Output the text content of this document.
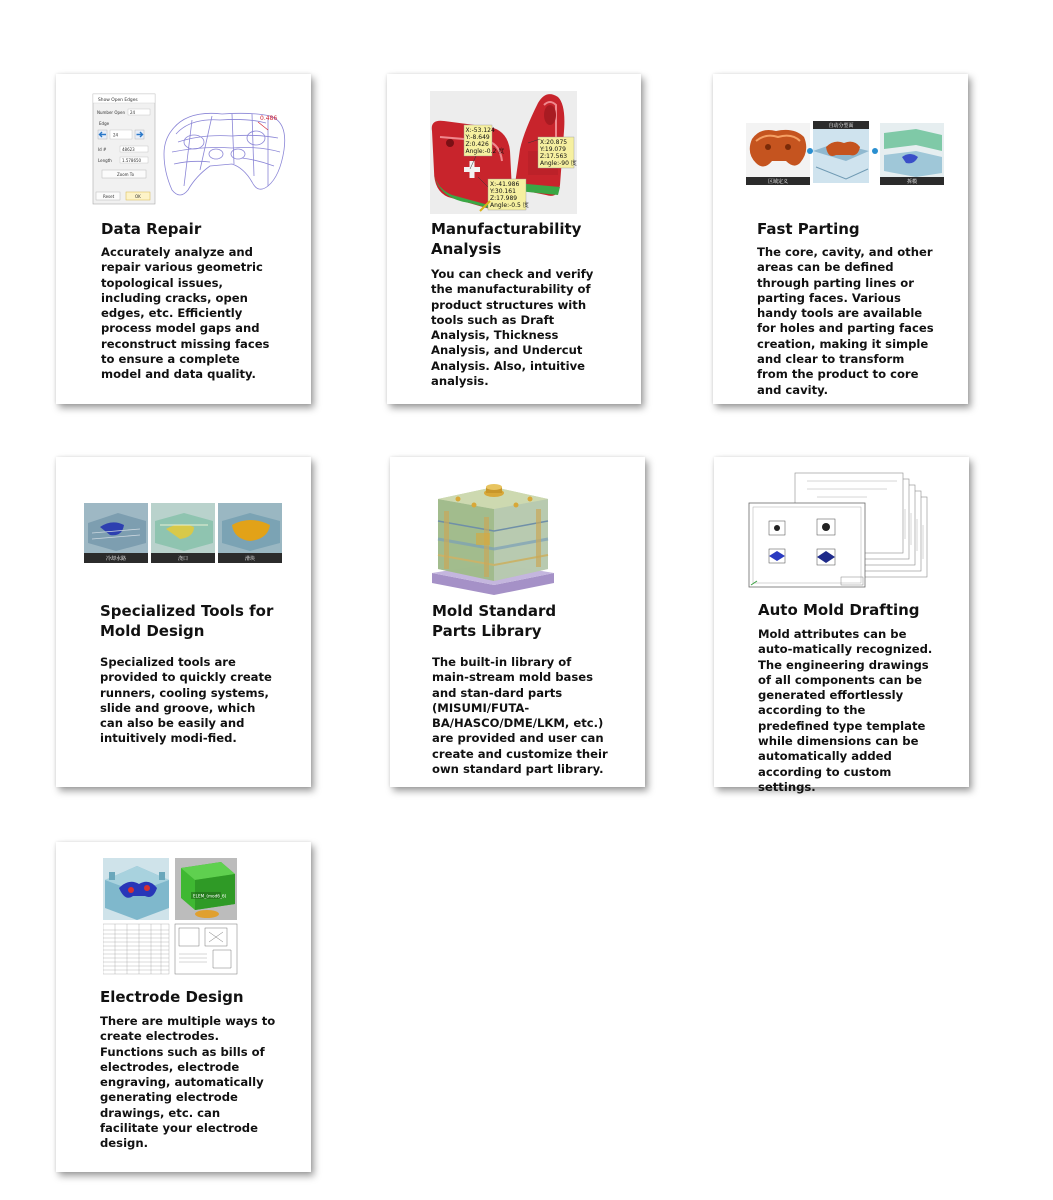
0.486
Show Open Edges
Number Open 24
Edge
24
Id #	48623
Length	1.578650
Zoom To
Reset	OK
Data Repair

Accurately analyze and repair various geometric topological issues, including cracks, open edges, etc. Efficiently process model gaps and reconstruct missing faces to ensure a complete model and data quality.

X:-53.124
Y:-8.649
Z:0.426
Angle:-0.2 度
X:20.875
Y:19.079
Z:17.563
Angle:-90 度
X:-41.986
Y:30.161
Z:17.989
Angle:-0.5 度
Manufacturability
Analysis

You can check and verify the manufacturability of product structures with tools such as Draft Analysis, Thickness Analysis, and Undercut Analysis. Also, intuitive analysis.

区域定义
自动分型面
拆模
Fast Parting

The core, cavity, and other areas can be defined through parting lines or parting faces. Various handy tools are available for holes and parting faces creation, making it simple and clear to transform from the product to core and cavity.

冷却水路	浇口	滑块
Specialized Tools for
Mold Design

Specialized tools are provided to quickly create runners, cooling systems, slide and groove, which can also be easily and intuitively modi-fied.

Mold Standard
Parts Library

The built-in library of main-stream mold bases and stan-dard parts (MISUMI/FUTA-BA/HASCO/DME/LKM, etc.) are provided and user can create and customize their own standard part library.

Auto Mold Drafting

Mold attributes can be auto-matically recognized. The engineering drawings of all components can be generated effortlessly according to the predefined type template while dimensions can be automatically added according to custom settings.

ELEM_(mod6_6)
Electrode Design

There are multiple ways to create electrodes. Functions such as bills of electrodes, electrode engraving, automatically generating electrode drawings, etc. can facilitate your electrode design.
